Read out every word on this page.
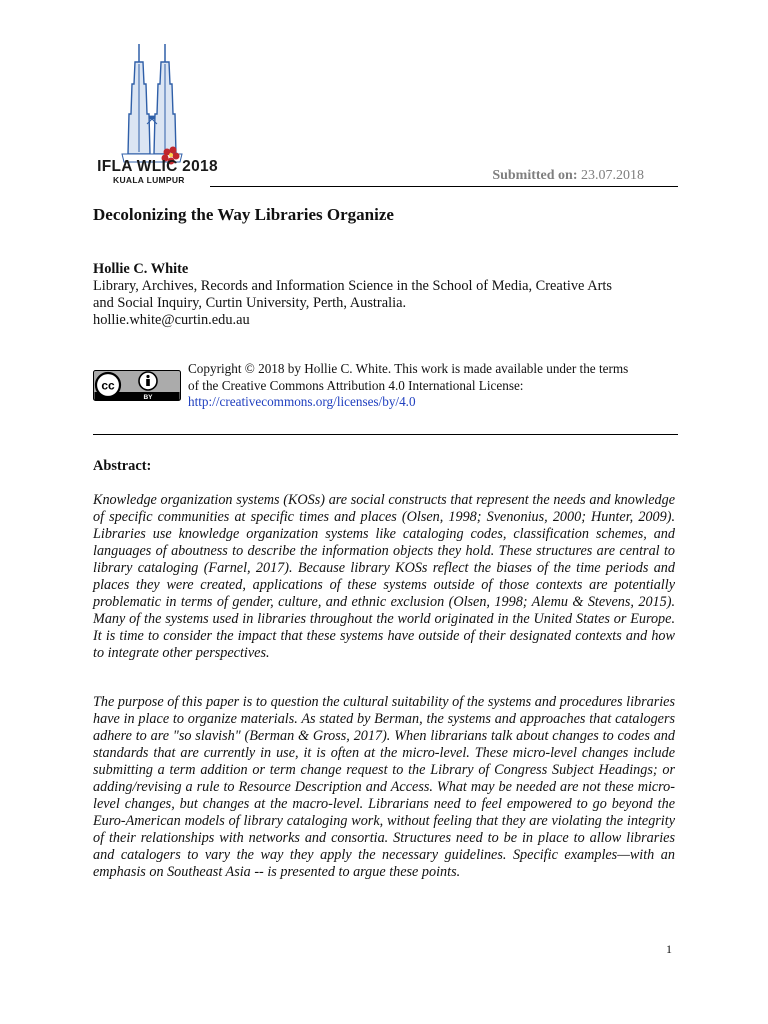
IFLA WLIC 2018
KUALA LUMPUR	Submitted on: 23.07.2018
Decolonizing the Way Libraries Organize
Hollie C. White
Library, Archives, Records and Information Science in the School of Media, Creative Arts
and Social Inquiry, Curtin University, Perth, Australia.
hollie.white@curtin.edu.au
cc
BY
Copyright © 2018 by Hollie C. White. This work is made available under the terms
of the Creative Commons Attribution 4.0 International License:
http://creativecommons.org/licenses/by/4.0
Abstract:

Knowledge organization systems (KOSs) are social constructs that represent the needs and knowledge of specific communities at specific times and places (Olsen, 1998; Svenonius, 2000; Hunter, 2009). Libraries use knowledge organization systems like cataloging codes, classification schemes, and languages of aboutness to describe the information objects they hold. These structures are central to library cataloging (Farnel, 2017). Because library KOSs reflect the biases of the time periods and places they were created, applications of these systems outside of those contexts are potentially problematic in terms of gender, culture, and ethnic exclusion (Olsen, 1998; Alemu & Stevens, 2015). Many of the systems used in libraries throughout the world originated in the United States or Europe. It is time to consider the impact that these systems have outside of their designated contexts and how to integrate other perspectives.

The purpose of this paper is to question the cultural suitability of the systems and procedures libraries have in place to organize materials. As stated by Berman, the systems and approaches that catalogers adhere to are "so slavish" (Berman & Gross, 2017). When librarians talk about changes to codes and standards that are currently in use, it is often at the micro-level. These micro-level changes include submitting a term addition or term change request to the Library of Congress Subject Headings; or adding/revising a rule to Resource Description and Access. What may be needed are not these micro-level changes, but changes at the macro-level. Librarians need to feel empowered to go beyond the Euro-American models of library cataloging work, without feeling that they are violating the integrity of their relationships with networks and consortia. Structures need to be in place to allow libraries and catalogers to vary the way they apply the necessary guidelines. Specific examples—with an emphasis on Southeast Asia -- is presented to argue these points.

1
